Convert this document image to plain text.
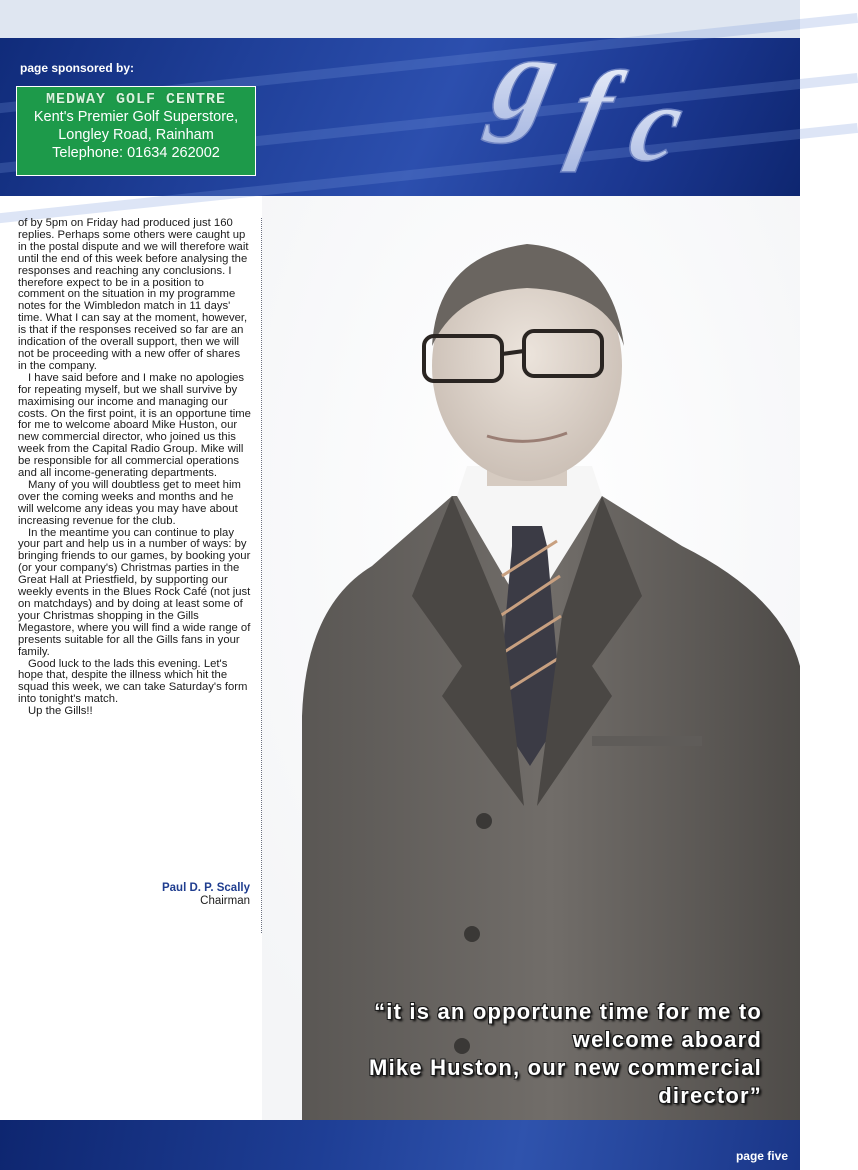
page sponsored by:
MEDWAY GOLF CENTRE
Kent's Premier Golf Superstore,
Longley Road, Rainham
Telephone: 01634 262002
g
f
c

of by 5pm on Friday had produced just 160 replies. Perhaps some others were caught up in the postal dispute and we will therefore wait until the end of this week before analysing the responses and reaching any conclusions. I therefore expect to be in a position to comment on the situation in my programme notes for the Wimbledon match in 11 days' time. What I can say at the moment, however, is that if the responses received so far are an indication of the overall support, then we will not be proceeding with a new offer of shares in the company.

I have said before and I make no apologies for repeating myself, but we shall survive by maximising our income and managing our costs. On the first point, it is an opportune time for me to welcome aboard Mike Huston, our new commercial director, who joined us this week from the Capital Radio Group. Mike will be responsible for all commercial operations and all income-generating departments.

Many of you will doubtless get to meet him over the coming weeks and months and he will welcome any ideas you may have about increasing revenue for the club.

In the meantime you can continue to play your part and help us in a number of ways: by bringing friends to our games, by booking your (or your company's) Christmas parties in the Great Hall at Priestfield, by supporting our weekly events in the Blues Rock Café (not just on matchdays) and by doing at least some of your Christmas shopping in the Gills Megastore, where you will find a wide range of presents suitable for all the Gills fans in your family.

Good luck to the lads this evening. Let's hope that, despite the illness which hit the squad this week, we can take Saturday's form into tonight's match.

Up the Gills!!

Paul D. P. Scally
Chairman
“it is an opportune time for me to welcome aboard
Mike Huston, our new commercial director”
page five
